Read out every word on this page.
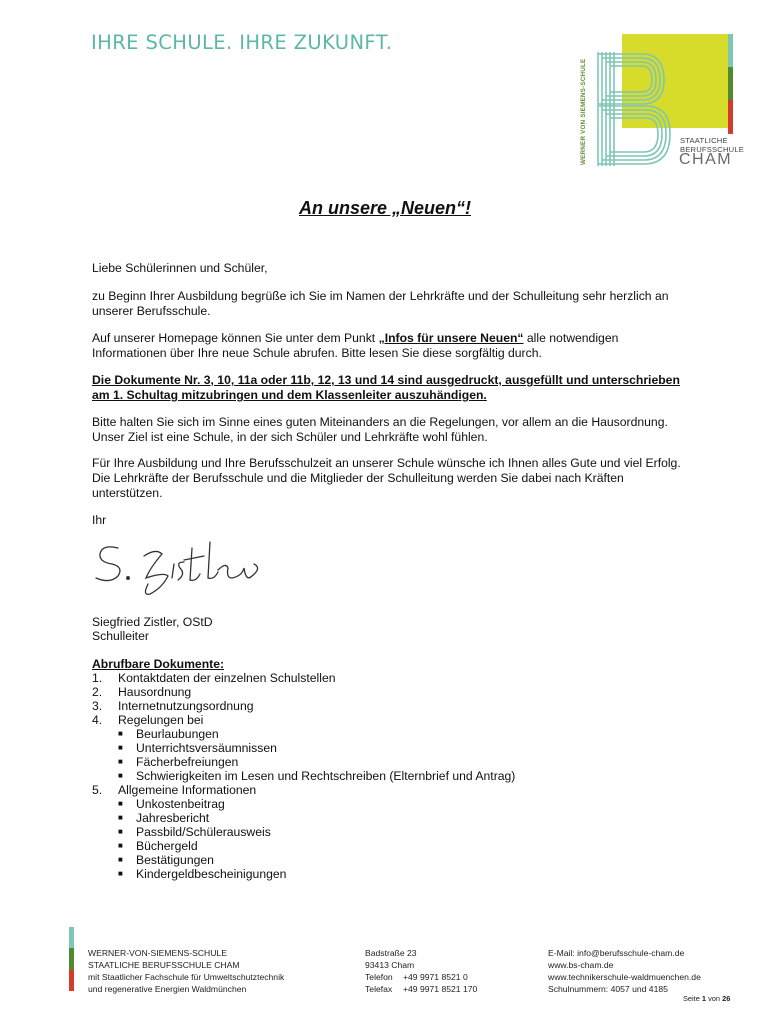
IHRE SCHULE. IHRE ZUKUNFT.
WERNER VON SIEMENS-SCHULE	STAATLICHE
BERUFSSCHULE
CHAM
An unsere „Neuen“!
Liebe Schülerinnen und Schüler,
zu Beginn Ihrer Ausbildung begrüße ich Sie im Namen der Lehrkräfte und der Schulleitung sehr herzlich an unserer Berufsschule.
Auf unserer Homepage können Sie unter dem Punkt „Infos für unsere Neuen“ alle notwendigen Informationen über Ihre neue Schule abrufen. Bitte lesen Sie diese sorgfältig durch.
Die Dokumente Nr. 3, 10, 11a oder 11b, 12, 13 und 14 sind ausgedruckt, ausgefüllt und unterschrieben am 1. Schultag mitzubringen und dem Klassenleiter auszuhändigen.
Bitte halten Sie sich im Sinne eines guten Miteinanders an die Regelungen, vor allem an die Hausordnung. Unser Ziel ist eine Schule, in der sich Schüler und Lehrkräfte wohl fühlen.
Für Ihre Ausbildung und Ihre Berufsschulzeit an unserer Schule wünsche ich Ihnen alles Gute und viel Erfolg. Die Lehrkräfte der Berufsschule und die Mitglieder der Schulleitung werden Sie dabei nach Kräften unterstützen.
Ihr
Siegfried Zistler, OStD
Schulleiter
Abrufbare Dokumente:
1. Kontaktdaten der einzelnen Schulstellen
2. Hausordnung
3. Internetnutzungsordnung
4. Regelungen bei
■ Beurlaubungen
■ Unterrichtsversäumnissen
■ Fächerbefreiungen
■ Schwierigkeiten im Lesen und Rechtschreiben (Elternbrief und Antrag)
5. Allgemeine Informationen
■ Unkostenbeitrag
■ Jahresbericht
■ Passbild/Schülerausweis
■ Büchergeld
■ Bestätigungen
■ Kindergeldbescheinigungen
WERNER-VON-SIEMENS-SCHULE
STAATLICHE BERUFSSCHULE CHAM
mit Staatlicher Fachschule für Umweltschutztechnik
und regenerative Energien Waldmünchen
Badstraße 23
93413 Cham
Telefon +49 9971 8521 0
Telefax +49 9971 8521 170
E-Mail: info@berufsschule-cham.de
www.bs-cham.de
www.technikerschule-waldmuenchen.de
Schulnummern: 4057 und 4185
Seite 1 von 26
